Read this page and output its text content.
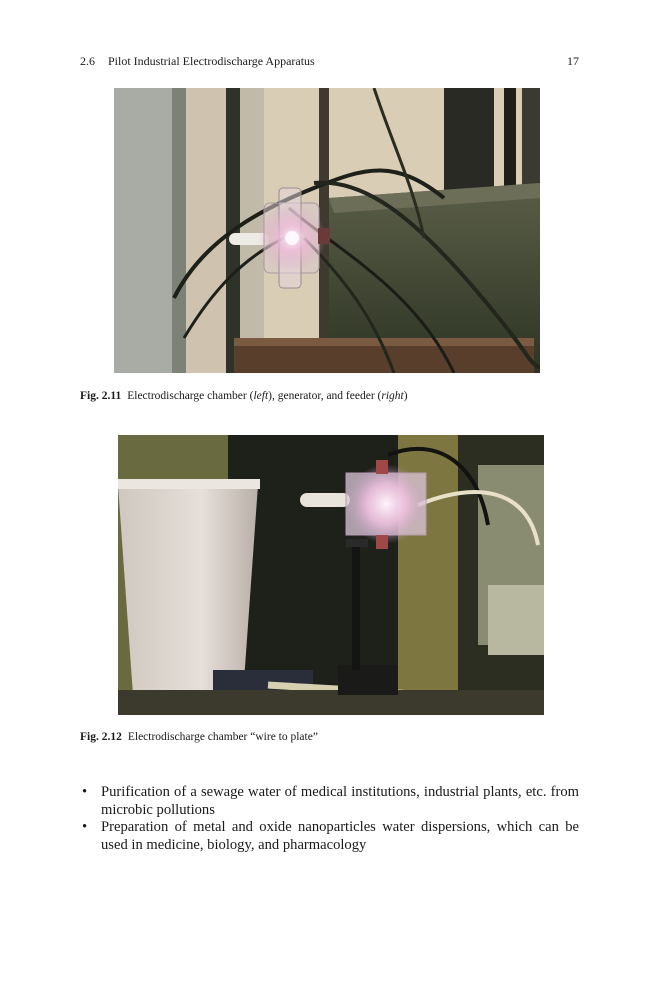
2.6 Pilot Industrial Electrodischarge Apparatus	17
Fig. 2.11 Electrodischarge chamber (left), generator, and feeder (right)
Fig. 2.12 Electrodischarge chamber “wire to plate”
• Purification of a sewage water of medical institutions, industrial plants, etc. from microbic pollutions
• Preparation of metal and oxide nanoparticles water dispersions, which can be used in medicine, biology, and pharmacology
